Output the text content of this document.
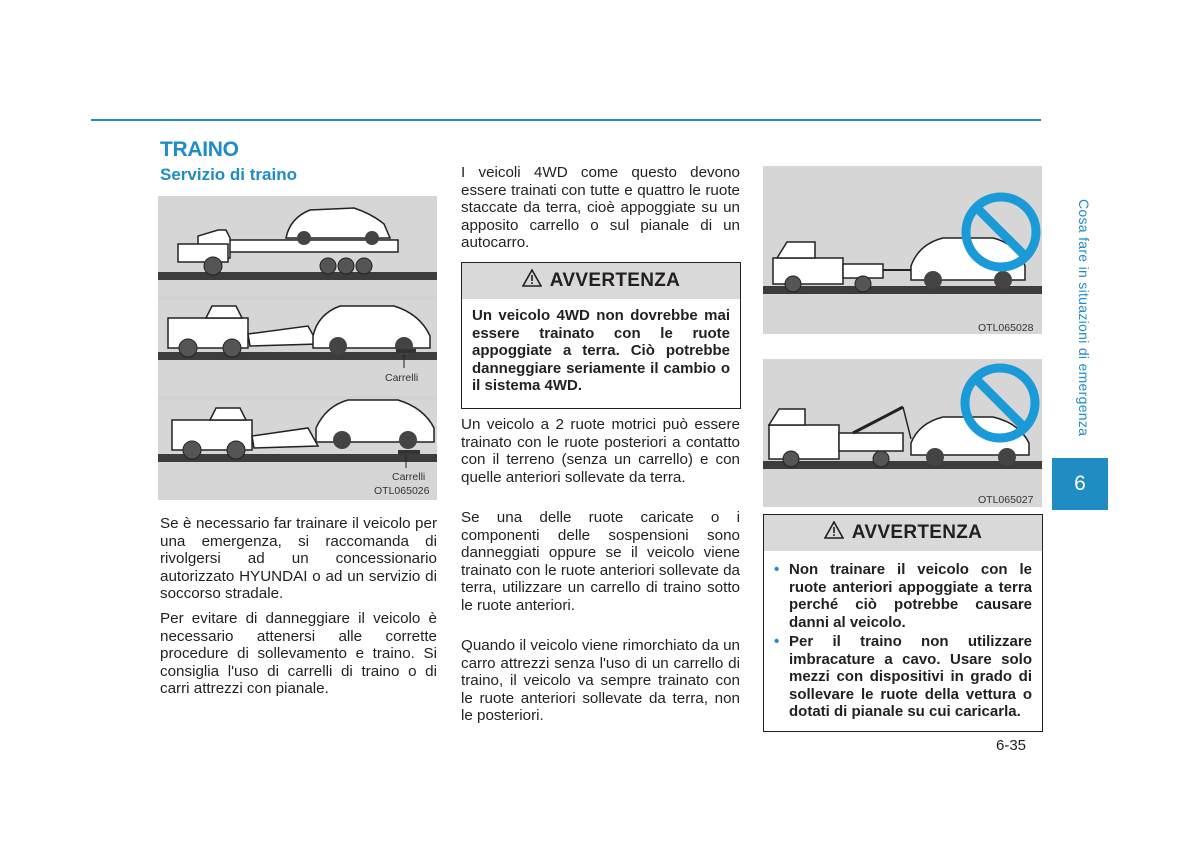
TRAINO
Servizio di traino
Carrelli
Carrelli
OTL065026

Se è necessario far trainare il veicolo per una emergenza, si raccomanda di rivolgersi ad un concessionario autorizzato HYUNDAI o ad un servizio di soccorso stradale.

Per evitare di danneggiare il veicolo è necessario attenersi alle corrette procedure di sollevamento e traino. Si consiglia l'uso di carrelli di traino o di carri attrezzi con pianale.

I veicoli 4WD come questo devono essere trainati con tutte e quattro le ruote staccate da terra, cioè appoggiate su un apposito carrello o sul pianale di un autocarro.

AVVERTENZA
Un veicolo 4WD non dovrebbe mai essere trainato con le ruote appoggiate a terra. Ciò potrebbe danneggiare seriamente il cambio o il sistema 4WD.

Un veicolo a 2 ruote motrici può essere trainato con le ruote posteriori a contatto con il terreno (senza un carrello) e con quelle anteriori sollevate da terra.

Se una delle ruote caricate o i componenti delle sospensioni sono danneggiati oppure se il veicolo viene trainato con le ruote anteriori sollevate da terra, utilizzare un carrello di traino sotto le ruote anteriori.

Quando il veicolo viene rimorchiato da un carro attrezzi senza l'uso di un carrello di traino, il veicolo va sempre trainato con le ruote anteriori sollevate da terra, non le posteriori.

OTL065028
OTL065027
AVVERTENZA
• Non trainare il veicolo con le ruote anteriori appoggiate a terra perché ciò potrebbe causare danni al veicolo.
• Per il traino non utilizzare imbracature a cavo. Usare solo mezzi con dispositivi in grado di sollevare le ruote della vettura o dotati di pianale su cui caricarla.
Cosa fare in situazioni di emergenza
6
6-35
